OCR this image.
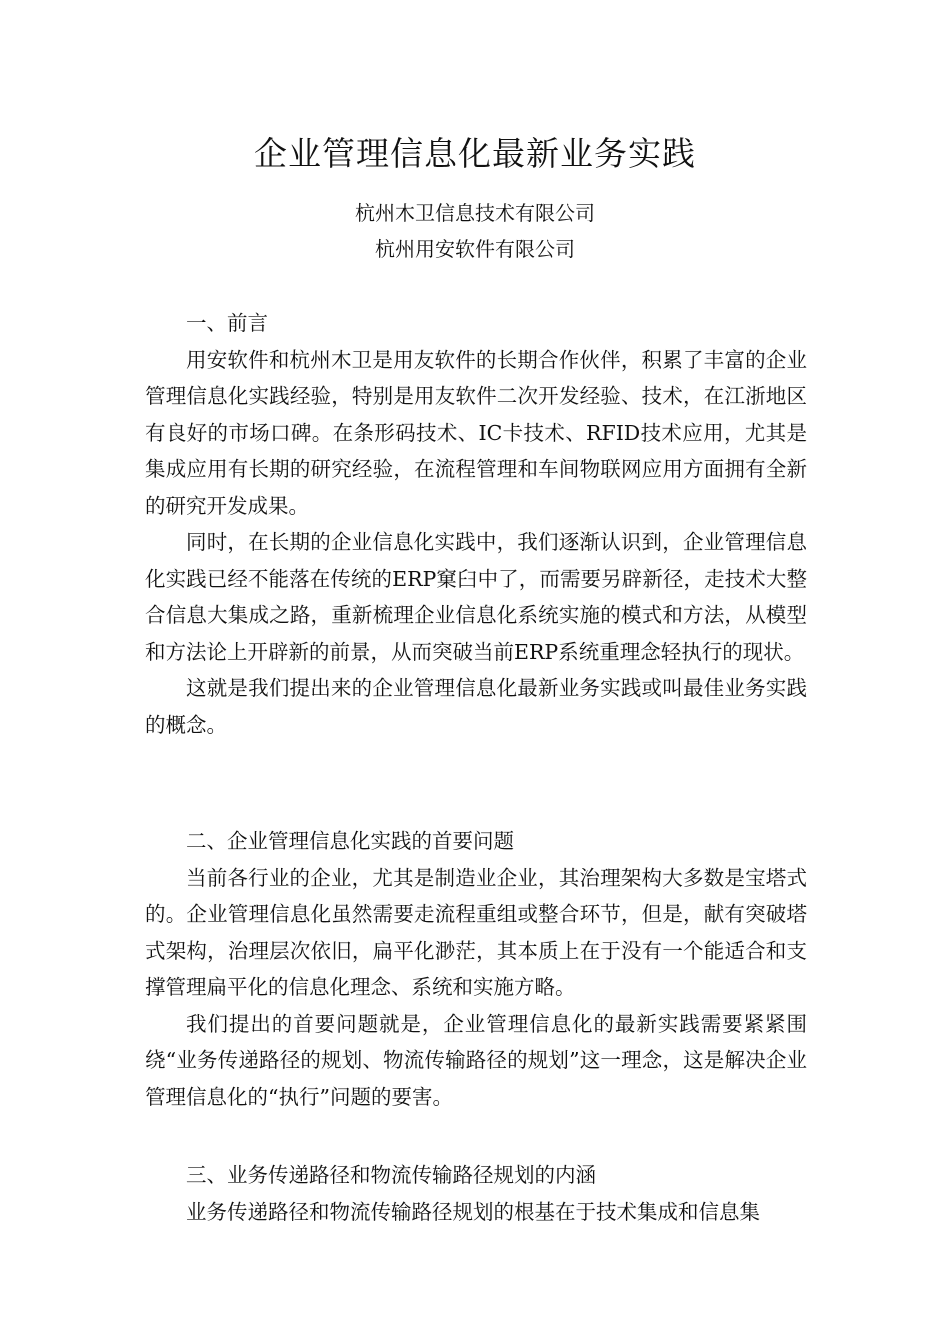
企业管理信息化最新业务实践
杭州木卫信息技术有限公司
杭州用安软件有限公司
一、前言

用安软件和杭州木卫是用友软件的长期合作伙伴，积累了丰富的企业管理信息化实践经验，特别是用友软件二次开发经验、技术，在江浙地区有良好的市场口碑。在条形码技术、IC卡技术、RFID技术应用，尤其是集成应用有长期的研究经验，在流程管理和车间物联网应用方面拥有全新的研究开发成果。

同时，在长期的企业信息化实践中，我们逐渐认识到，企业管理信息化实践已经不能落在传统的ERP窠臼中了，而需要另辟新径，走技术大整合信息大集成之路，重新梳理企业信息化系统实施的模式和方法，从模型和方法论上开辟新的前景，从而突破当前ERP系统重理念轻执行的现状。

这就是我们提出来的企业管理信息化最新业务实践或叫最佳业务实践的概念。

二、企业管理信息化实践的首要问题

当前各行业的企业，尤其是制造业企业，其治理架构大多数是宝塔式的。企业管理信息化虽然需要走流程重组或整合环节，但是，献有突破塔式架构，治理层次依旧，扁平化渺茫，其本质上在于没有一个能适合和支撑管理扁平化的信息化理念、系统和实施方略。

我们提出的首要问题就是，企业管理信息化的最新实践需要紧紧围绕“业务传递路径的规划、物流传输路径的规划”这一理念，这是解决企业管理信息化的“执行”问题的要害。

三、业务传递路径和物流传输路径规划的内涵

业务传递路径和物流传输路径规划的根基在于技术集成和信息集
